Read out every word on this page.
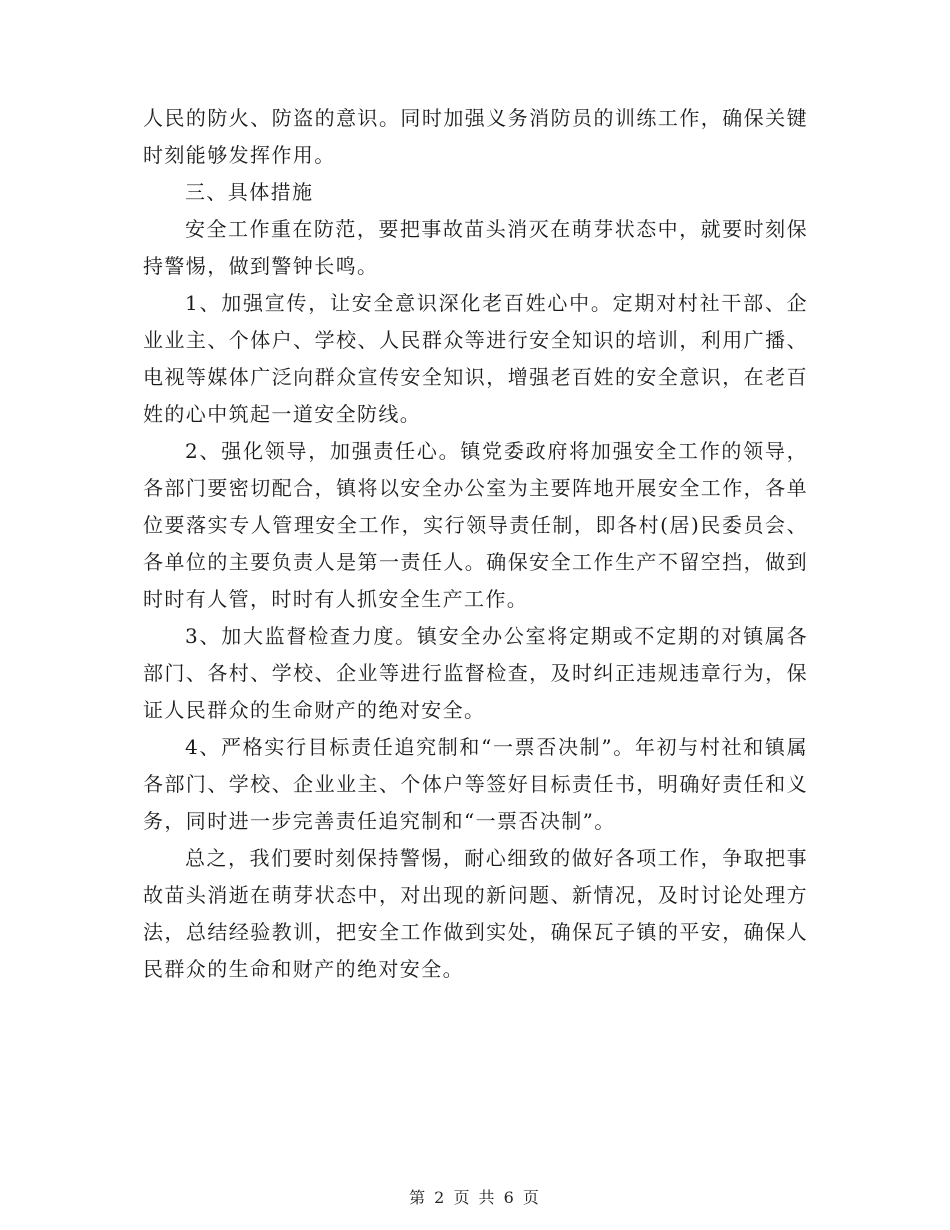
人民的防火、防盗的意识。同时加强义务消防员的训练工作，确保关键时刻能够发挥作用。

三、具体措施

安全工作重在防范，要把事故苗头消灭在萌芽状态中，就要时刻保持警惕，做到警钟长鸣。

1、加强宣传，让安全意识深化老百姓心中。定期对村社干部、企业业主、个体户、学校、人民群众等进行安全知识的培训，利用广播、电视等媒体广泛向群众宣传安全知识，增强老百姓的安全意识，在老百姓的心中筑起一道安全防线。

2、强化领导，加强责任心。镇党委政府将加强安全工作的领导，各部门要密切配合，镇将以安全办公室为主要阵地开展安全工作，各单位要落实专人管理安全工作，实行领导责任制，即各村(居)民委员会、各单位的主要负责人是第一责任人。确保安全工作生产不留空挡，做到时时有人管，时时有人抓安全生产工作。

3、加大监督检查力度。镇安全办公室将定期或不定期的对镇属各部门、各村、学校、企业等进行监督检查，及时纠正违规违章行为，保证人民群众的生命财产的绝对安全。

4、严格实行目标责任追究制和“一票否决制”。年初与村社和镇属各部门、学校、企业业主、个体户等签好目标责任书，明确好责任和义务，同时进一步完善责任追究制和“一票否决制”。

总之，我们要时刻保持警惕，耐心细致的做好各项工作，争取把事故苗头消逝在萌芽状态中，对出现的新问题、新情况，及时讨论处理方法，总结经验教训，把安全工作做到实处，确保瓦子镇的平安，确保人民群众的生命和财产的绝对安全。

第 2 页 共 6 页
